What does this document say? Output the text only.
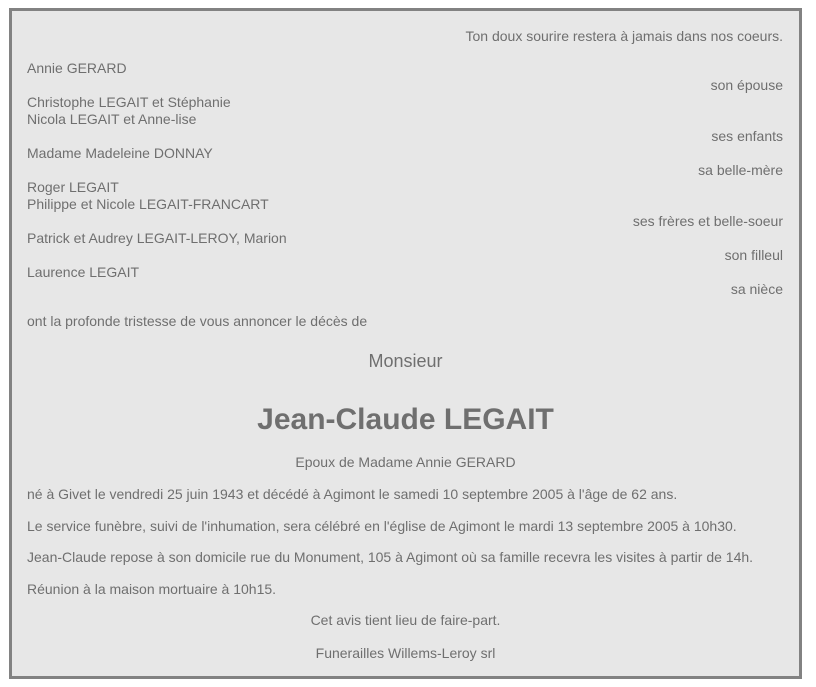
Ton doux sourire restera à jamais dans nos coeurs.
Annie GERARD
son épouse
Christophe LEGAIT et Stéphanie
Nicola LEGAIT et Anne-lise
ses enfants
Madame Madeleine DONNAY
sa belle-mère
Roger LEGAIT
Philippe et Nicole LEGAIT-FRANCART
ses frères et belle-soeur
Patrick et Audrey LEGAIT-LEROY, Marion
son filleul
Laurence LEGAIT
sa nièce
ont la profonde tristesse de vous annoncer le décès de
Monsieur
Jean-Claude LEGAIT
Epoux de Madame Annie GERARD
né à Givet le vendredi 25 juin 1943 et décédé à Agimont le samedi 10 septembre 2005 à l'âge de 62 ans.
Le service funèbre, suivi de l'inhumation, sera célébré en l'église de Agimont le mardi 13 septembre 2005 à 10h30.
Jean-Claude repose à son domicile rue du Monument, 105 à Agimont où sa famille recevra les visites à partir de 14h.
Réunion à la maison mortuaire à 10h15.
Cet avis tient lieu de faire-part.
Funerailles Willems-Leroy srl
